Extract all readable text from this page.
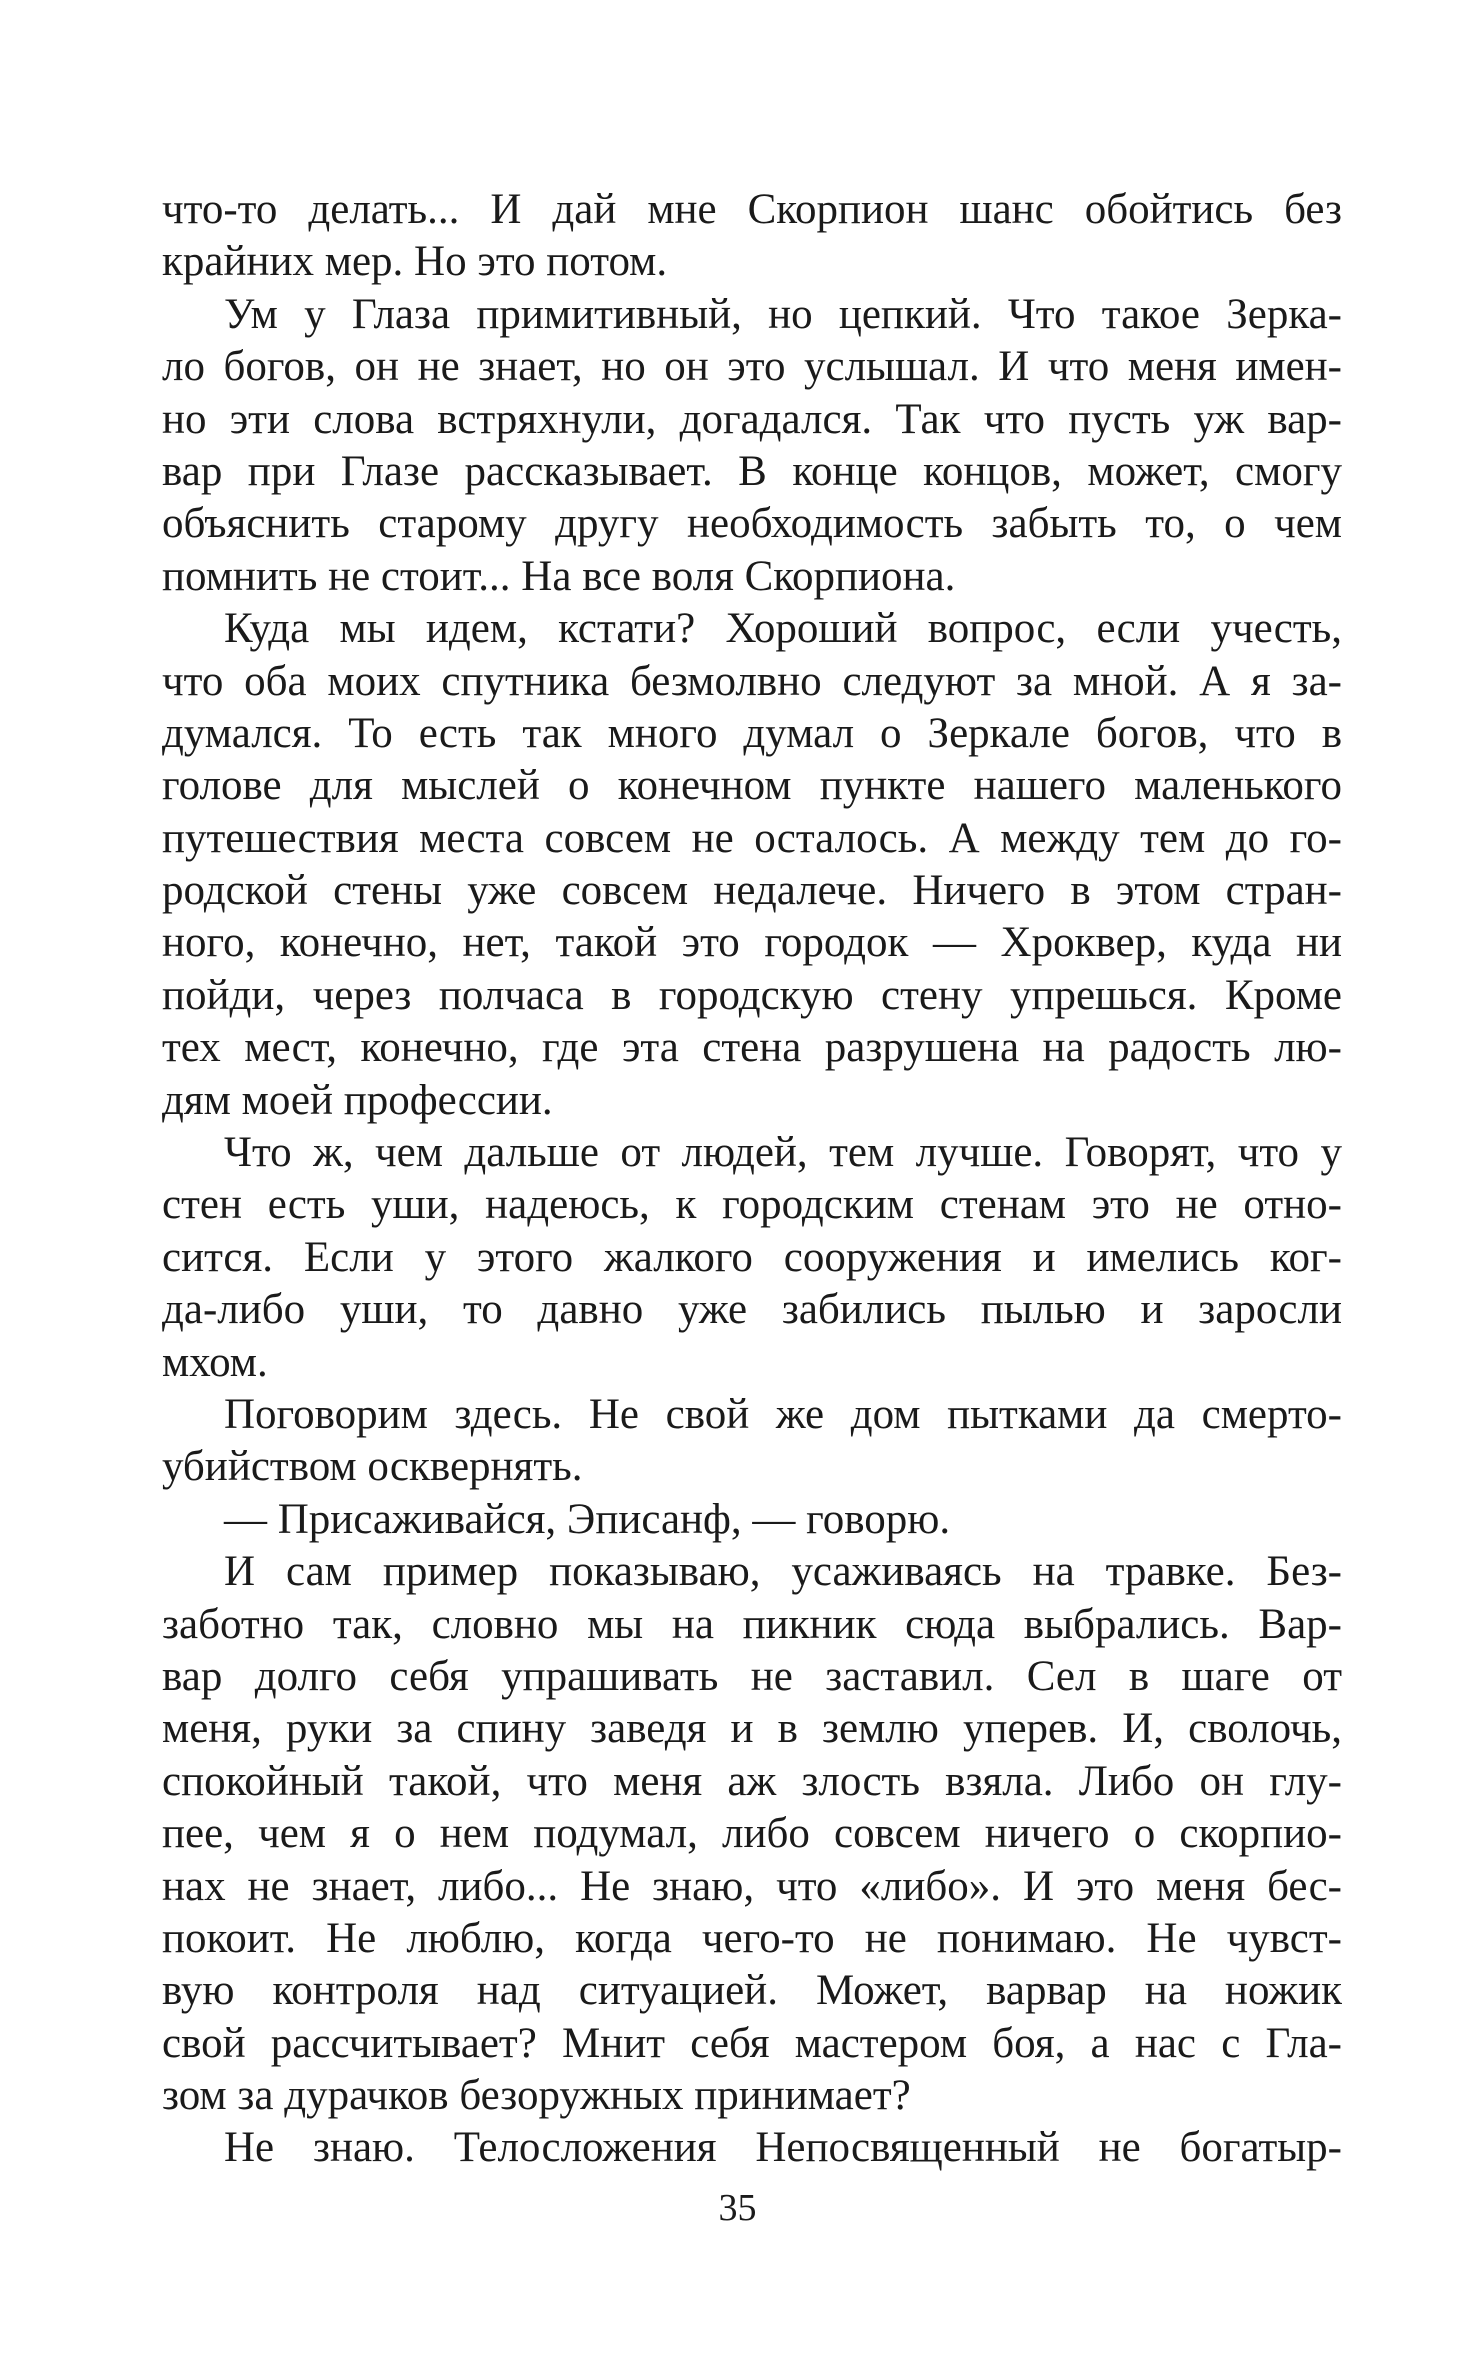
что-то делать... И дай мне Скорпион шанс обойтись без
крайних мер. Но это потом.
Ум у Глаза примитивный, но цепкий. Что такое Зерка-
ло богов, он не знает, но он это услышал. И что меня имен-
но эти слова встряхнули, догадался. Так что пусть уж вар-
вар при Глазе рассказывает. В конце концов, может, смогу
объяснить старому другу необходимость забыть то, о чем
помнить не стоит... На все воля Скорпиона.
Куда мы идем, кстати? Хороший вопрос, если учесть,
что оба моих спутника безмолвно следуют за мной. А я за-
думался. То есть так много думал о Зеркале богов, что в
голове для мыслей о конечном пункте нашего маленького
путешествия места совсем не осталось. А между тем до го-
родской стены уже совсем недалече. Ничего в этом стран-
ного, конечно, нет, такой это городок — Хроквер, куда ни
пойди, через полчаса в городскую стену упрешься. Кроме
тех мест, конечно, где эта стена разрушена на радость лю-
дям моей профессии.
Что ж, чем дальше от людей, тем лучше. Говорят, что у
стен есть уши, надеюсь, к городским стенам это не отно-
сится. Если у этого жалкого сооружения и имелись ког-
да-либо уши, то давно уже забились пылью и заросли
мхом.
Поговорим здесь. Не свой же дом пытками да смерто-
убийством осквернять.
— Присаживайся, Эписанф, — говорю.
И сам пример показываю, усаживаясь на травке. Без-
заботно так, словно мы на пикник сюда выбрались. Вар-
вар долго себя упрашивать не заставил. Сел в шаге от
меня, руки за спину заведя и в землю уперев. И, сволочь,
спокойный такой, что меня аж злость взяла. Либо он глу-
пее, чем я о нем подумал, либо совсем ничего о скорпио-
нах не знает, либо... Не знаю, что «либо». И это меня бес-
покоит. Не люблю, когда чего-то не понимаю. Не чувст-
вую контроля над ситуацией. Может, варвар на ножик
свой рассчитывает? Мнит себя мастером боя, а нас с Гла-
зом за дурачков безоружных принимает?
Не знаю. Телосложения Непосвященный не богатыр-
35
